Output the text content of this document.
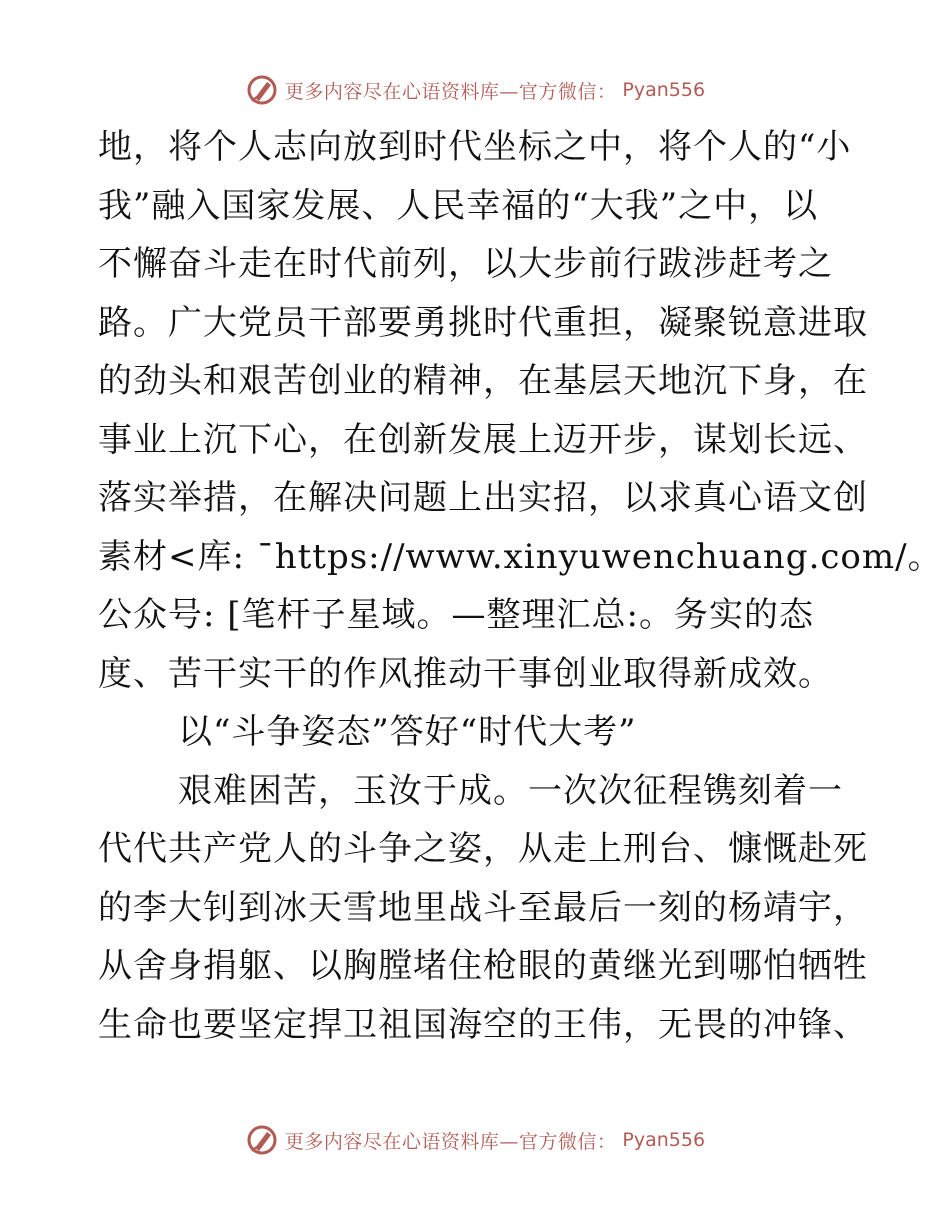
更多内容尽在心语资料库—官方微信： Pyan556
地，将个人志向放到时代坐标之中，将个人的“小
我”融入国家发展、人民幸福的“大我”之中，以
不懈奋斗走在时代前列，以大步前行跋涉赶考之
路。广大党员干部要勇挑时代重担，凝聚锐意进取
的劲头和艰苦创业的精神，在基层天地沉下身，在
事业上沉下心，在创新发展上迈开步，谋划长远、
落实举措，在解决问题上出实招，以求真心语文创
素材<库: ¯https://www.xinyuwenchuang.com/。
公众号: [笔杆子星域。—整理汇总:。务实的态
度、苦干实干的作风推动干事创业取得新成效。
以“斗争姿态”答好“时代大考”
艰难困苦，玉汝于成。一次次征程镌刻着一
代代共产党人的斗争之姿，从走上刑台、慷慨赴死
的李大钊到冰天雪地里战斗至最后一刻的杨靖宇，
从舍身捐躯、以胸膛堵住枪眼的黄继光到哪怕牺牲
生命也要坚定捍卫祖国海空的王伟，无畏的冲锋、
更多内容尽在心语资料库—官方微信： Pyan556
